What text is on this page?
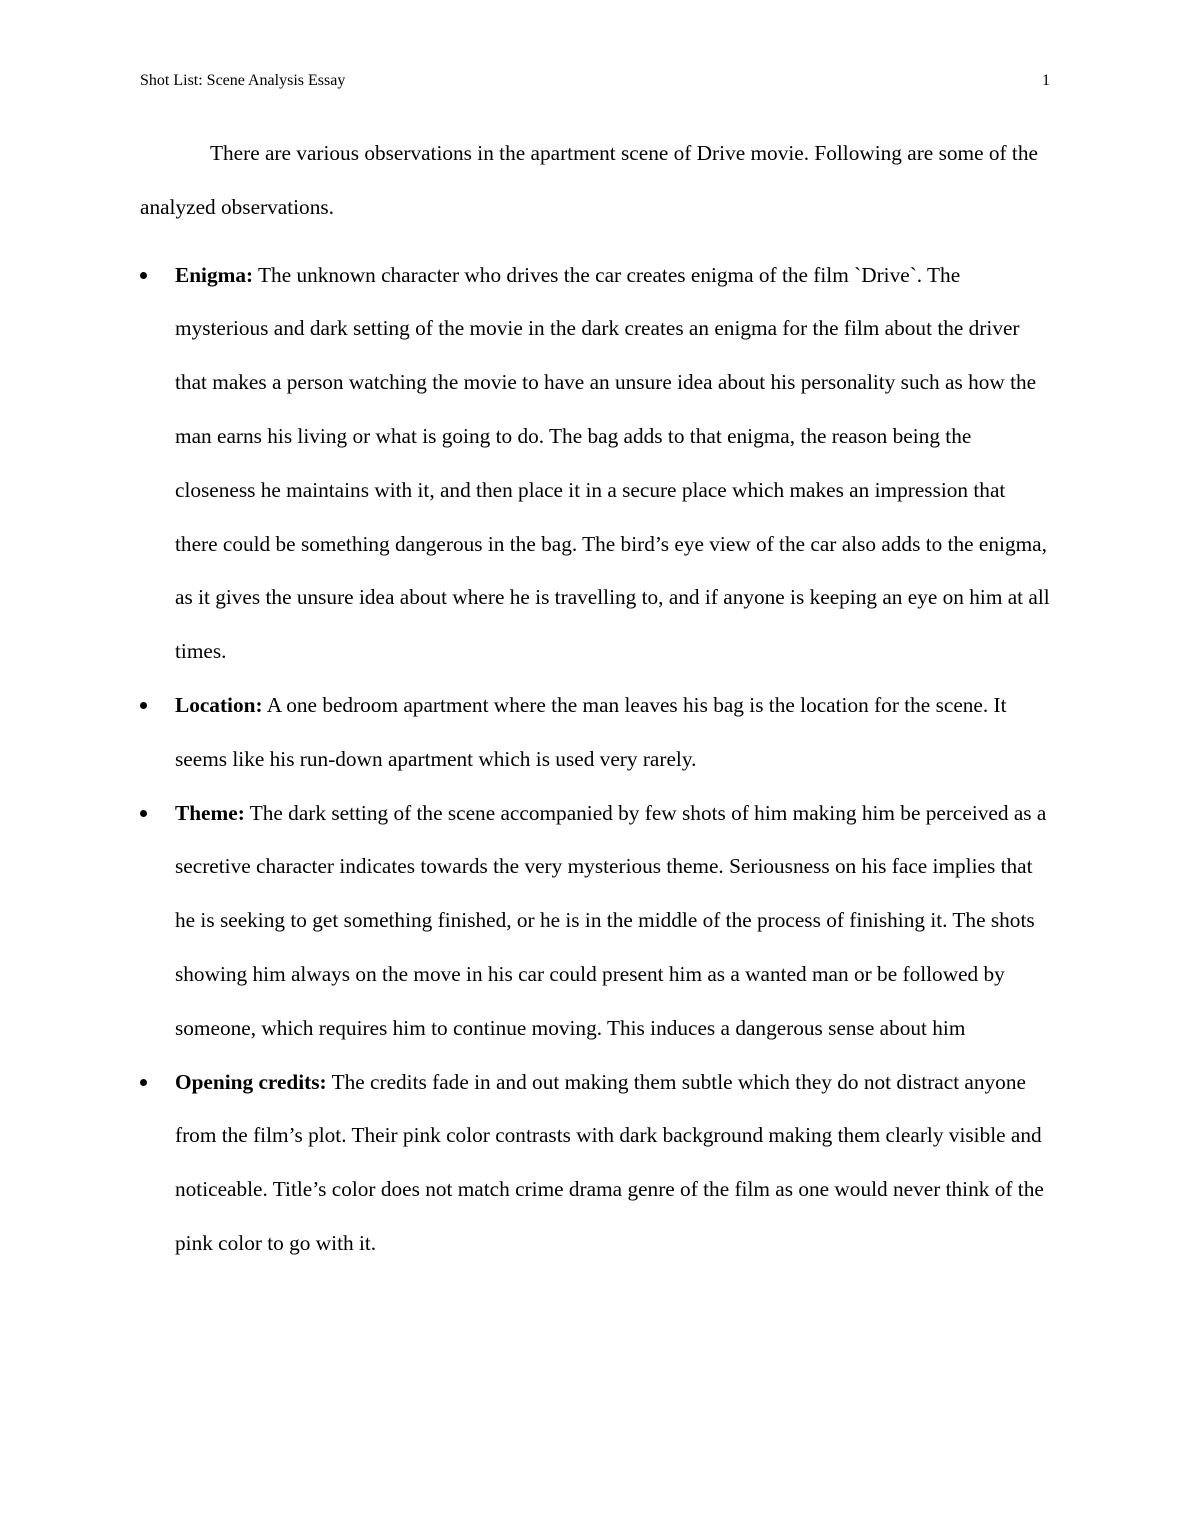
Shot List: Scene Analysis Essay	1

There are various observations in the apartment scene of Drive movie. Following are some of the analyzed observations.

Enigma: The unknown character who drives the car creates enigma of the film `Drive`. The mysterious and dark setting of the movie in the dark creates an enigma for the film about the driver that makes a person watching the movie to have an unsure idea about his personality such as how the man earns his living or what is going to do. The bag adds to that enigma, the reason being the closeness he maintains with it, and then place it in a secure place which makes an impression that there could be something dangerous in the bag. The bird’s eye view of the car also adds to the enigma, as it gives the unsure idea about where he is travelling to, and if anyone is keeping an eye on him at all times.
Location: A one bedroom apartment where the man leaves his bag is the location for the scene. It seems like his run-down apartment which is used very rarely.
Theme: The dark setting of the scene accompanied by few shots of him making him be perceived as a secretive character indicates towards the very mysterious theme. Seriousness on his face implies that he is seeking to get something finished, or he is in the middle of the process of finishing it. The shots showing him always on the move in his car could present him as a wanted man or be followed by someone, which requires him to continue moving. This induces a dangerous sense about him
Opening credits: The credits fade in and out making them subtle which they do not distract anyone from the film’s plot. Their pink color contrasts with dark background making them clearly visible and noticeable. Title’s color does not match crime drama genre of the film as one would never think of the pink color to go with it.
